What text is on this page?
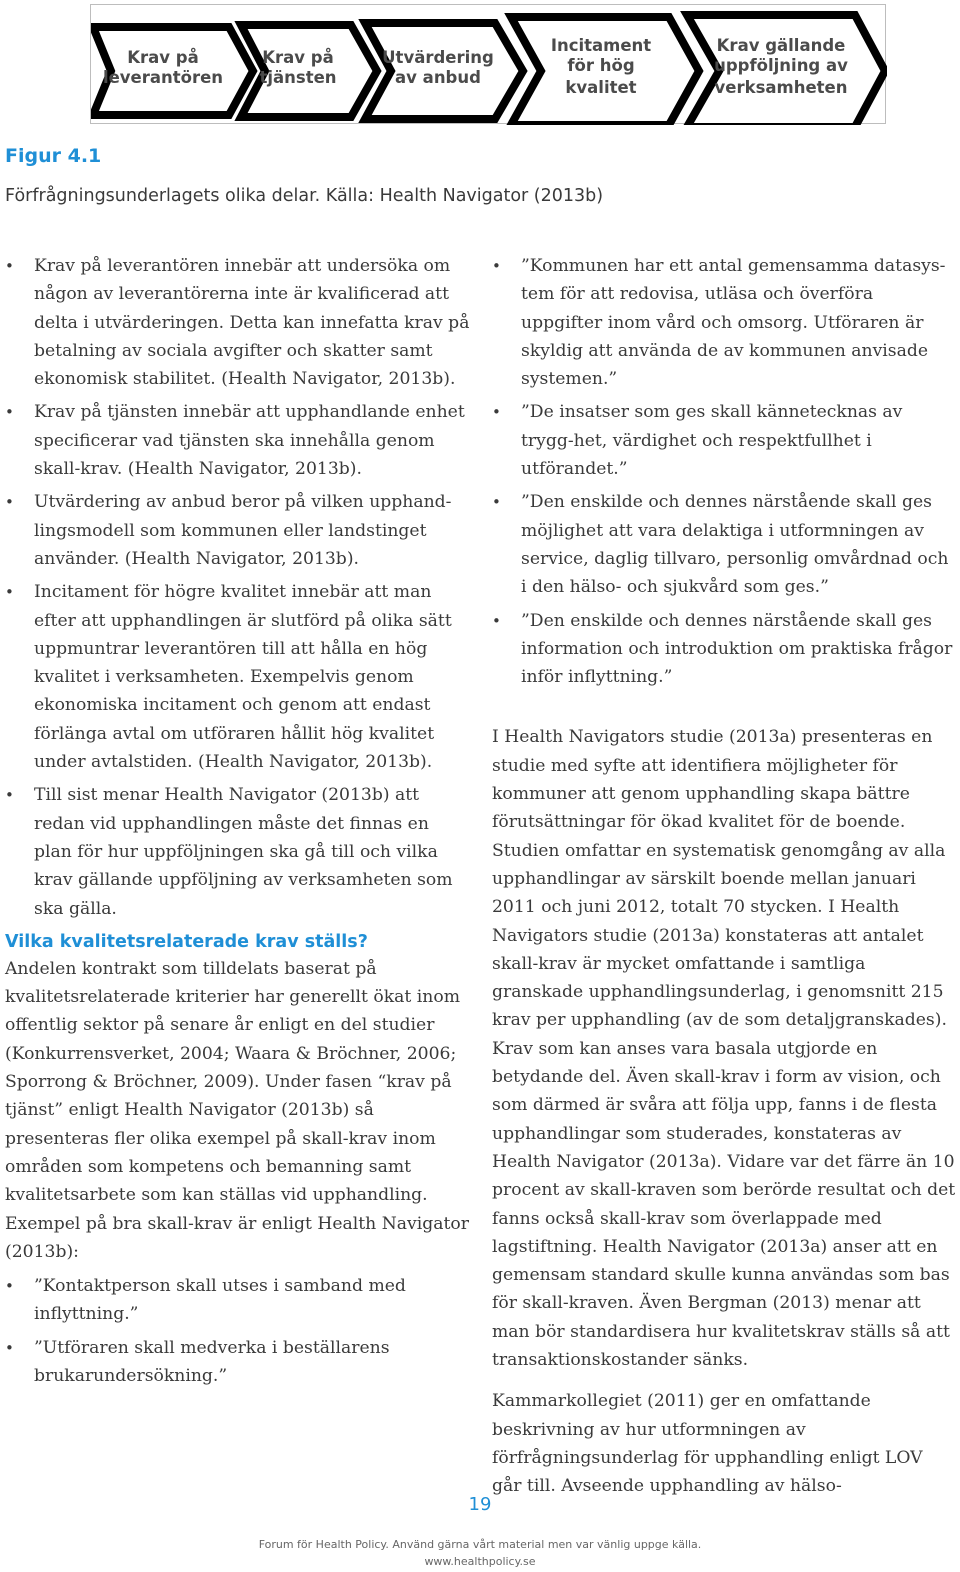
Krav på
leverantören
Krav på
tjänsten
Utvärdering
av anbud
Incitament
för hög
kvalitet
Krav gällande
uppföljning av
verksamheten
Figur 4.1
Förfrågningsunderlagets olika delar. Källa: Health Navigator (2013b)
• Krav på leverantören innebär att undersöka om någon av leverantörerna inte är kvalificerad att delta i utvärderingen. Detta kan innefatta krav på betalning av sociala avgifter och skatter samt ekonomisk stabilitet. (Health Navigator, 2013b).
• Krav på tjänsten innebär att upphandlande enhet specificerar vad tjänsten ska innehålla genom skall-krav. (Health Navigator, 2013b).
• Utvärdering av anbud beror på vilken upphand-lingsmodell som kommunen eller landstinget använder. (Health Navigator, 2013b).
• Incitament för högre kvalitet innebär att man efter att upphandlingen är slutförd på olika sätt uppmuntrar leverantören till att hålla en hög kvalitet i verksamheten. Exempelvis genom ekonomiska incitament och genom att endast förlänga avtal om utföraren hållit hög kvalitet under avtalstiden. (Health Navigator, 2013b).
• Till sist menar Health Navigator (2013b) att redan vid upphandlingen måste det finnas en plan för hur uppföljningen ska gå till och vilka krav gällande uppföljning av verksamheten som ska gälla.
Vilka kvalitetsrelaterade krav ställs?

Andelen kontrakt som tilldelats baserat på kvalitetsrelaterade kriterier har generellt ökat inom offentlig sektor på senare år enligt en del studier (Konkurrensverket, 2004; Waara & Bröchner, 2006; Sporrong & Bröchner, 2009). Under fasen “krav på tjänst” enligt Health Navigator (2013b) så presenteras fler olika exempel på skall-krav inom områden som kompetens och bemanning samt kvalitetsarbete som kan ställas vid upphandling. Exempel på bra skall-krav är enligt Health Navigator (2013b):

• ”Kontaktperson skall utses i samband med inflyttning.”
• ”Utföraren skall medverka i beställarens brukarundersökning.”
• ”Kommunen har ett antal gemensamma datasys-tem för att redovisa, utläsa och överföra uppgifter inom vård och omsorg. Utföraren är skyldig att använda de av kommunen anvisade systemen.”
• ”De insatser som ges skall kännetecknas av trygg-het, värdighet och respektfullhet i utförandet.”
• ”Den enskilde och dennes närstående skall ges möjlighet att vara delaktiga i utformningen av service, daglig tillvaro, personlig omvårdnad och i den hälso- och sjukvård som ges.”
• ”Den enskilde och dennes närstående skall ges information och introduktion om praktiska frågor inför inflyttning.”

I Health Navigators studie (2013a) presenteras en studie med syfte att identifiera möjligheter för kommuner att genom upphandling skapa bättre förutsättningar för ökad kvalitet för de boende. Studien omfattar en systematisk genomgång av alla upphandlingar av särskilt boende mellan januari 2011 och juni 2012, totalt 70 stycken. I Health Navigators studie (2013a) konstateras att antalet skall-krav är mycket omfattande i samtliga granskade upphandlingsunderlag, i genomsnitt 215 krav per upphandling (av de som detaljgranskades). Krav som kan anses vara basala utgjorde en betydande del. Även skall-krav i form av vision, och som därmed är svåra att följa upp, fanns i de flesta upphandlingar som studerades, konstateras av Health Navigator (2013a). Vidare var det färre än 10 procent av skall-kraven som berörde resultat och det fanns också skall-krav som överlappade med lagstiftning. Health Navigator (2013a) anser att en gemensam standard skulle kunna användas som bas för skall-kraven. Även Bergman (2013) menar att man bör standardisera hur kvalitetskrav ställs så att transaktionskostander sänks.

Kammarkollegiet (2011) ger en omfattande beskrivning av hur utformningen av förfrågningsunderlag för upphandling enligt LOV går till. Avseende upphandling av hälso-

19
Forum för Health Policy. Använd gärna vårt material men var vänlig uppge källa.
www.healthpolicy.se
